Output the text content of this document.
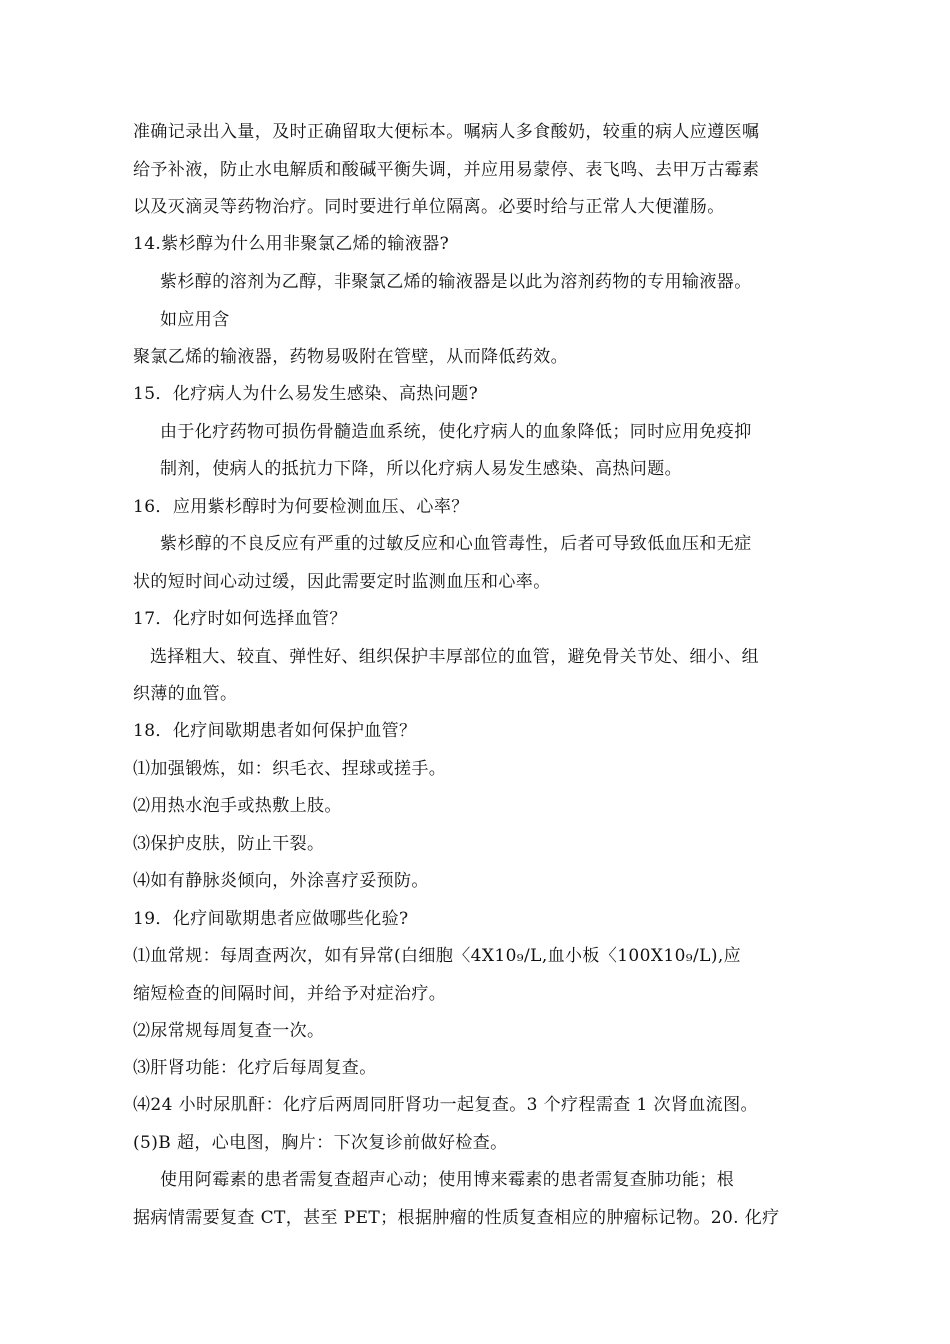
准确记录出入量，及时正确留取大便标本。嘱病人多食酸奶，较重的病人应遵医嘱
给予补液，防止水电解质和酸碱平衡失调，并应用易蒙停、表飞鸣、去甲万古霉素
以及灭滴灵等药物治疗。同时要进行单位隔离。必要时给与正常人大便灌肠。
14.紫杉醇为什么用非聚氯乙烯的输液器?
紫杉醇的溶剂为乙醇，非聚氯乙烯的输液器是以此为溶剂药物的专用输液器。
如应用含
聚氯乙烯的输液器，药物易吸附在管壁，从而降低药效。
15．化疗病人为什么易发生感染、高热问题?
由于化疗药物可损伤骨髓造血系统，使化疗病人的血象降低；同时应用免疫抑
制剂，使病人的抵抗力下降，所以化疗病人易发生感染、高热问题。
16．应用紫杉醇时为何要检测血压、心率？
紫杉醇的不良反应有严重的过敏反应和心血管毒性，后者可导致低血压和无症
状的短时间心动过缓，因此需要定时监测血压和心率。
17．化疗时如何选择血管？
选择粗大、较直、弹性好、组织保护丰厚部位的血管，避免骨关节处、细小、组
织薄的血管。
18．化疗间歇期患者如何保护血管？
⑴加强锻炼，如：织毛衣、捏球或搓手。
⑵用热水泡手或热敷上肢。
⑶保护皮肤，防止干裂。
⑷如有静脉炎倾向，外涂喜疗妥预防。
19．化疗间歇期患者应做哪些化验?
⑴血常规：每周查两次，如有异常(白细胞〈4X10₉/L,血小板〈100X10₉/L),应
缩短检查的间隔时间，并给予对症治疗。
⑵尿常规每周复查一次。
⑶肝肾功能：化疗后每周复查。
⑷24 小时尿肌酐：化疗后两周同肝肾功一起复查。3 个疗程需查 1 次肾血流图。
(5)B 超，心电图，胸片：下次复诊前做好检查。
使用阿霉素的患者需复查超声心动；使用博来霉素的患者需复查肺功能；根
据病情需要复查 CT，甚至 PET；根据肿瘤的性质复查相应的肿瘤标记物。20. 化疗
